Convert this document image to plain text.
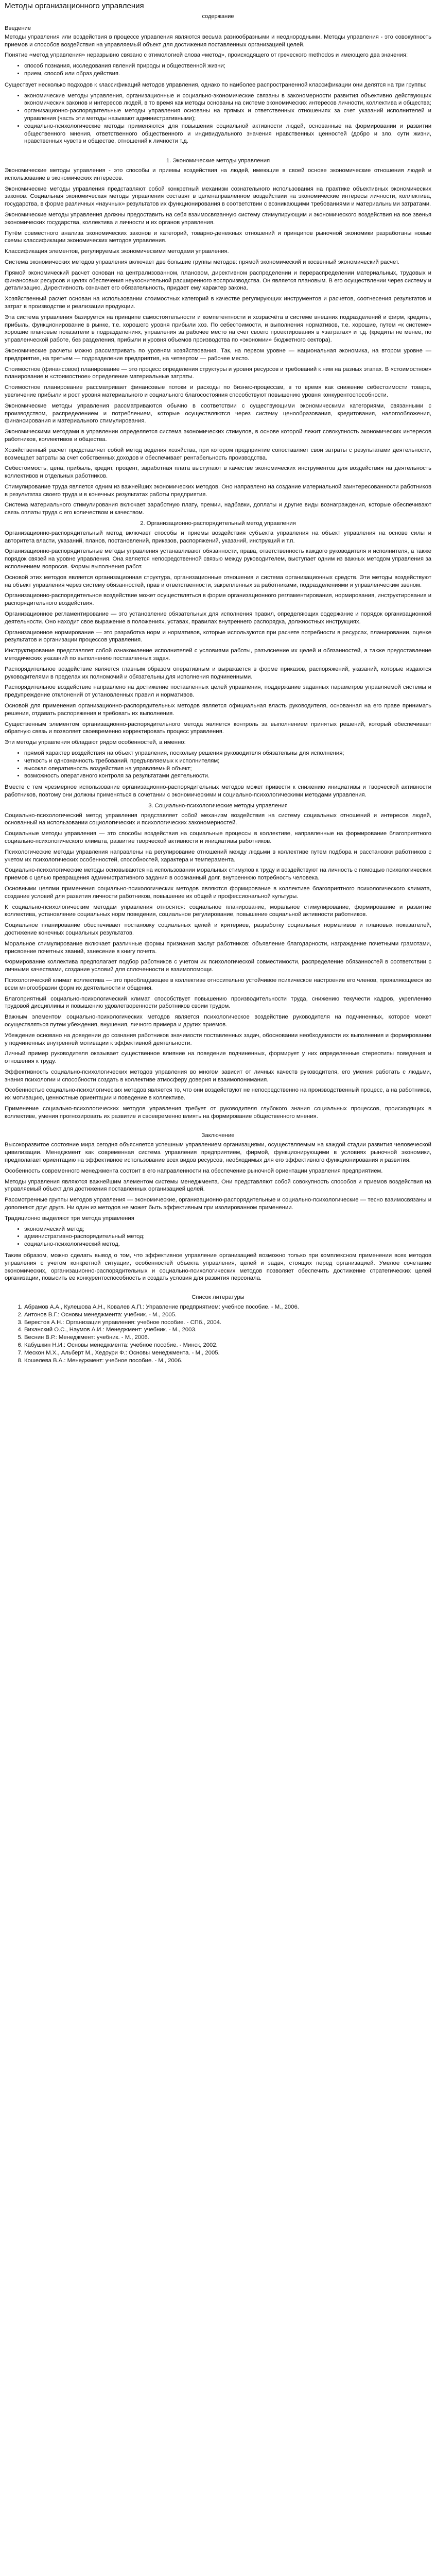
Методы организационного управления
содержание
Введение

Методы управления или воздействия в процессе управления являются весьма разнообразными и неоднородными. Методы управления - это совокупность приемов и способов воздействия на управляемый объект для достижения поставленных организацией целей.

Понятие «метод управления» неразрывно связано с этимологией слова «метод», происходящего от греческого methodos и имеющего два значения:

• способ познания, исследования явлений природы и общественной жизни;
• прием, способ или образ действия.

Существует несколько подходов к классификаций методов управления, однако по наиболее распространенной классификации они делятся на три группы:

• экономические методы управления, организационные и социально-экономические связаны в закономерности развития объективно действующих экономических законов и интересов людей, в то время как методы основаны на системе экономических интересов личности, коллектива и общества;
• организационно-распорядительные методы управления основаны на прямых и ответственных отношениях за счет указаний исполнителей и управления (часть эти методы называют административными);
• социально-психологические методы применяются для повышения социальной активности людей, основанные на формировании и развитии общественного мнения, ответственного общественного и индивидуального значения нравственных ценностей (добро и зло, сути жизни, нравственных чувств и обществе, отношений к личности т.д.
1. Экономические методы управления

Экономические методы управления - это способы и приемы воздействия на людей, имеющие в своей основе экономические отношения людей и использование в экономических интересов.

Экономические методы управления представляют собой конкретный механизм сознательного использования на практике объективных экономических законов. Социальная экономическая методы управления составят в целенаправленном воздействии на экономические интересы личности, коллектива, государства, в форме различных «научных» результатов их функционирования в соответствии с возникающими требованиями и материальными затратами.

Экономические методы управления должны предоставить на себя взаимосвязанную систему стимулирующим и экономического воздействия на все звенья экономических государства, коллектива и личности и их органов управления.

Путём совместного анализа экономических законов и категорий, товарно-денежных отношений и принципов рыночной экономики разработаны новые схемы классификации экономических методов управления.

Классификация элементов, регулируемых экономическими методами управления.

Система экономических методов управления включает две большие группы методов: прямой экономический и косвенный экономический расчет.

Прямой экономический расчет основан на централизованном, плановом, директивном распределении и перераспределении материальных, трудовых и финансовых ресурсов и целях обеспечения неукоснительной расширенного воспроизводства. Он является плановым. В его осуществлении через систему и детализацию. Директивность означает его обязательность, придает ему характер закона.

Хозяйственный расчет основан на использовании стоимостных категорий в качестве регулирующих инструментов и расчетов, соотнесения результатов и затрат в производстве и реализации продукции.

Эта система управления базируется на принципе самостоятельности и компетентности и хозрасчёта в системе внешних подразделений и фирм, кредиты, прибыль, функционирование в рынке, т.е. хорошего уровня прибыли хоз. По себестоимости, и выполнения нормативов, т.е. хорошие, путем «к системе» хорошие плановые показатели в подразделениях, управления за рабочее место на счет своего проектирования в «затратах» и т.д. (кредиты не менее, по управленческой работе, без разделения, прибыли и уровня объемов производства по «экономии» бюджетного сектора).

Экономические расчеты можно рассматривать по уровням хозяйствования. Так, на первом уровне — национальная экономика, на втором уровне — предприятие, на третьем — подразделение предприятия, на четвертом — рабочее место.

Стоимостное (финансовое) планирование — это процесс определения структуры и уровня ресурсов и требований к ним на разных этапах. В «стоимостное» планирование и «стоимостное» определение материальные затраты.

Стоимостное планирование рассматривает финансовые потоки и расходы по бизнес-процессам, в то время как снижение себестоимости товара, увеличение прибыли и рост уровня материального и социального благосостояния способствуют повышению уровня конкурентоспособности.

Экономические методы управления рассматриваются обычно в соответствии с существующими экономическими категориями, связанными с производством, распределением и потреблением, которые осуществляются через систему ценообразования, кредитования, налогообложения, финансирования и материального стимулирования.

Экономическими методами в управлении определяется система экономических стимулов, в основе которой лежит совокупность экономических интересов работников, коллективов и общества.

Хозяйственный расчет представляет собой метод ведения хозяйства, при котором предприятие сопоставляет свои затраты с результатами деятельности, возмещает затраты за счет собственных доходов и обеспечивает рентабельность производства.

Себестоимость, цена, прибыль, кредит, процент, заработная плата выступают в качестве экономических инструментов для воздействия на деятельность коллективов и отдельных работников.

Стимулирование труда является одним из важнейших экономических методов. Оно направлено на создание материальной заинтересованности работников в результатах своего труда и в конечных результатах работы предприятия.

Система материального стимулирования включает заработную плату, премии, надбавки, доплаты и другие виды вознаграждения, которые обеспечивают связь оплаты труда с его количеством и качеством.

2. Организационно-распорядительный метод управления

Организационно-распорядительный метод включает способы и приемы воздействия субъекта управления на объект управления на основе силы и авторитета власти, указаний, планов, постановлений, приказов, распоряжений, указаний, инструкций и т.п.

Организационно-распорядительные методы управления устанавливают обязанности, права, ответственность каждого руководителя и исполнителя, а также порядок связей на уровне управления. Она является непосредственной связью между руководителем, выступает одним из важных методом управления за исполнением вопросов. Формы выполнения работ.

Основой этих методов является организационная структура, организационные отношения и система организационных средств. Эти методы воздействуют на объект управления через систему обязанностей, прав и ответственности, закрепленных за работниками, подразделениями и управленческим звеном.

Организационно-распорядительное воздействие может осуществляться в форме организационного регламентирования, нормирования, инструктирования и распорядительного воздействия.

Организационное регламентирование — это установление обязательных для исполнения правил, определяющих содержание и порядок организационной деятельности. Оно находит свое выражение в положениях, уставах, правилах внутреннего распорядка, должностных инструкциях.

Организационное нормирование — это разработка норм и нормативов, которые используются при расчете потребности в ресурсах, планировании, оценке результатов и организации процессов управления.

Инструктирование представляет собой ознакомление исполнителей с условиями работы, разъяснение их целей и обязанностей, а также предоставление методических указаний по выполнению поставленных задач.

Распорядительное воздействие является главным образом оперативным и выражается в форме приказов, распоряжений, указаний, которые издаются руководителями в пределах их полномочий и обязательны для исполнения подчиненными.

Распорядительное воздействие направлено на достижение поставленных целей управления, поддержание заданных параметров управляемой системы и предупреждение отклонений от установленных правил и нормативов.

Основой для применения организационно-распорядительных методов является официальная власть руководителя, основанная на его праве принимать решения, отдавать распоряжения и требовать их выполнения.

Существенным элементом организационно-распорядительного метода является контроль за выполнением принятых решений, который обеспечивает обратную связь и позволяет своевременно корректировать процесс управления.

Эти методы управления обладают рядом особенностей, а именно:

• прямой характер воздействия на объект управления, поскольку решения руководителя обязательны для исполнения;
• четкость и однозначность требований, предъявляемых к исполнителям;
• высокая оперативность воздействия на управляемый объект;
• возможность оперативного контроля за результатами деятельности.

Вместе с тем чрезмерное использование организационно-распорядительных методов может привести к снижению инициативы и творческой активности работников, поэтому они должны применяться в сочетании с экономическими и социально-психологическими методами управления.

3. Социально-психологические методы управления

Социально-психологический метод управления представляет собой механизм воздействия на систему социальных отношений и интересов людей, основанный на использовании социологических и психологических закономерностей.

Социальные методы управления — это способы воздействия на социальные процессы в коллективе, направленные на формирование благоприятного социально-психологического климата, развитие творческой активности и инициативы работников.

Психологические методы управления направлены на регулирование отношений между людьми в коллективе путем подбора и расстановки работников с учетом их психологических особенностей, способностей, характера и темперамента.

Социально-психологические методы основываются на использовании моральных стимулов к труду и воздействуют на личность с помощью психологических приемов с целью превращения административного задания в осознанный долг, внутреннюю потребность человека.

Основными целями применения социально-психологических методов являются формирование в коллективе благоприятного психологического климата, создание условий для развития личности работников, повышение их общей и профессиональной культуры.

К социально-психологическим методам управления относятся: социальное планирование, моральное стимулирование, формирование и развитие коллектива, установление социальных норм поведения, социальное регулирование, повышение социальной активности работников.

Социальное планирование обеспечивает постановку социальных целей и критериев, разработку социальных нормативов и плановых показателей, достижение конечных социальных результатов.

Моральное стимулирование включает различные формы признания заслуг работников: объявление благодарности, награждение почетными грамотами, присвоение почетных званий, занесение в книгу почета.

Формирование коллектива предполагает подбор работников с учетом их психологической совместимости, распределение обязанностей в соответствии с личными качествами, создание условий для сплоченности и взаимопомощи.

Психологический климат коллектива — это преобладающее в коллективе относительно устойчивое психическое настроение его членов, проявляющееся во всем многообразии форм их деятельности и общения.

Благоприятный социально-психологический климат способствует повышению производительности труда, снижению текучести кадров, укреплению трудовой дисциплины и повышению удовлетворенности работников своим трудом.

Важным элементом социально-психологических методов является психологическое воздействие руководителя на подчиненных, которое может осуществляться путем убеждения, внушения, личного примера и других приемов.

Убеждение основано на доведении до сознания работников значимости поставленных задач, обосновании необходимости их выполнения и формировании у подчиненных внутренней мотивации к эффективной деятельности.

Личный пример руководителя оказывает существенное влияние на поведение подчиненных, формирует у них определенные стереотипы поведения и отношения к труду.

Эффективность социально-психологических методов управления во многом зависит от личных качеств руководителя, его умения работать с людьми, знания психологии и способности создать в коллективе атмосферу доверия и взаимопонимания.

Особенностью социально-психологических методов является то, что они воздействуют не непосредственно на производственный процесс, а на работников, их мотивацию, ценностные ориентации и поведение в коллективе.

Применение социально-психологических методов управления требует от руководителя глубокого знания социальных процессов, происходящих в коллективе, умения прогнозировать их развитие и своевременно влиять на формирование общественного мнения.

Заключение

Высокоразвитое состояние мира сегодня объясняется успешным управлением организациями, осуществляемым на каждой стадии развития человеческой цивилизации. Менеджмент как современная система управления предприятием, фирмой, функционирующими в условиях рыночной экономики, предполагает ориентацию на эффективное использование всех видов ресурсов, необходимых для его эффективного функционирования и развития.

Особенность современного менеджмента состоит в его направленности на обеспечение рыночной ориентации управления предприятием.

Методы управления являются важнейшим элементом системы менеджмента. Они представляют собой совокупность способов и приемов воздействия на управляемый объект для достижения поставленных организацией целей.

Рассмотренные группы методов управления — экономические, организационно-распорядительные и социально-психологические — тесно взаимосвязаны и дополняют друг друга. Ни один из методов не может быть эффективным при изолированном применении.

Традиционно выделяют три метода управления

• экономический метод;
• административно-распорядительный метод;
• социально-психологический метод.

Таким образом, можно сделать вывод о том, что эффективное управление организацией возможно только при комплексном применении всех методов управления с учетом конкретной ситуации, особенностей объекта управления, целей и задач, стоящих перед организацией. Умелое сочетание экономических, организационно-распорядительных и социально-психологических методов позволяет обеспечить достижение стратегических целей организации, повысить ее конкурентоспособность и создать условия для развития персонала.

Список литературы
1. Абрамов А.А., Кулешова А.Н., Ковалев А.П.: Управление предприятием: учебное пособие. - М., 2006.
2. Антонов В.Г.: Основы менеджмента: учебник. - М., 2005.
3. Берестов А.Н.: Организация управления: учебное пособие. - СПб., 2004.
4. Виханский О.С., Наумов А.И.: Менеджмент: учебник. - М., 2003.
5. Веснин В.Р.: Менеджмент: учебник. - М., 2006.
6. Кабушкин Н.И.: Основы менеджмента: учебное пособие. - Минск, 2002.
7. Мескон М.Х., Альберт М., Хедоури Ф.: Основы менеджмента. - М., 2005.
8. Кошелева В.А.: Менеджмент: учебное пособие. - М., 2006.
